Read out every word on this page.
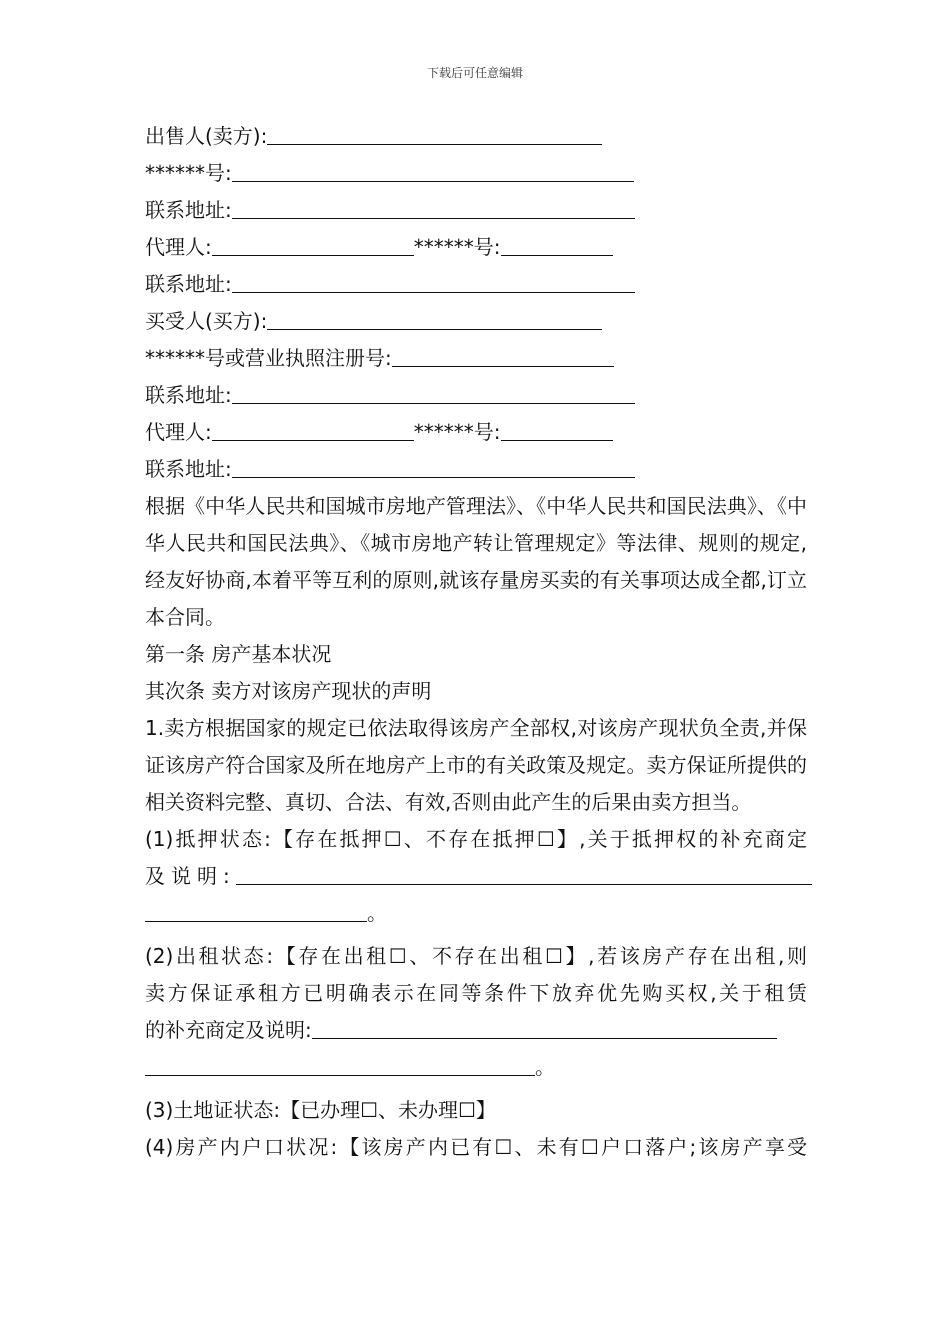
下载后可任意编辑
出售人(卖方):
******号:
联系地址:
代理人:	******号:
联系地址:
买受人(买方):
******号或营业执照注册号:
联系地址:
代理人:	******号:
联系地址:
根据《中华人民共和国城市房地产管理法》、《中华人民共和国民法典》、《中华人民共和国民法典》、《城市房地产转让管理规定》等法律、规则的规定,经友好协商,本着平等互利的原则,就该存量房买卖的有关事项达成全都,订立本合同。
第一条 房产基本状况
其次条 卖方对该房产现状的声明
1.卖方根据国家的规定已依法取得该房产全部权,对该房产现状负全责,并保证该房产符合国家及所在地房产上市的有关政策及规定。卖方保证所提供的相关资料完整、真切、合法、有效,否则由此产生的后果由卖方担当。
(1)抵押状态:【存在抵押☐、不存在抵押☐】,关于抵押权的补充商定
及说明:
。
(2)出租状态:【存在出租☐、不存在出租☐】,若该房产存在出租,则
卖方保证承租方已明确表示在同等条件下放弃优先购买权,关于租赁
的补充商定及说明:
。
(3)土地证状态:【已办理☐、未办理☐】
(4)房产内户口状况:【该房产内已有☐、未有☐户口落户;该房产享受
